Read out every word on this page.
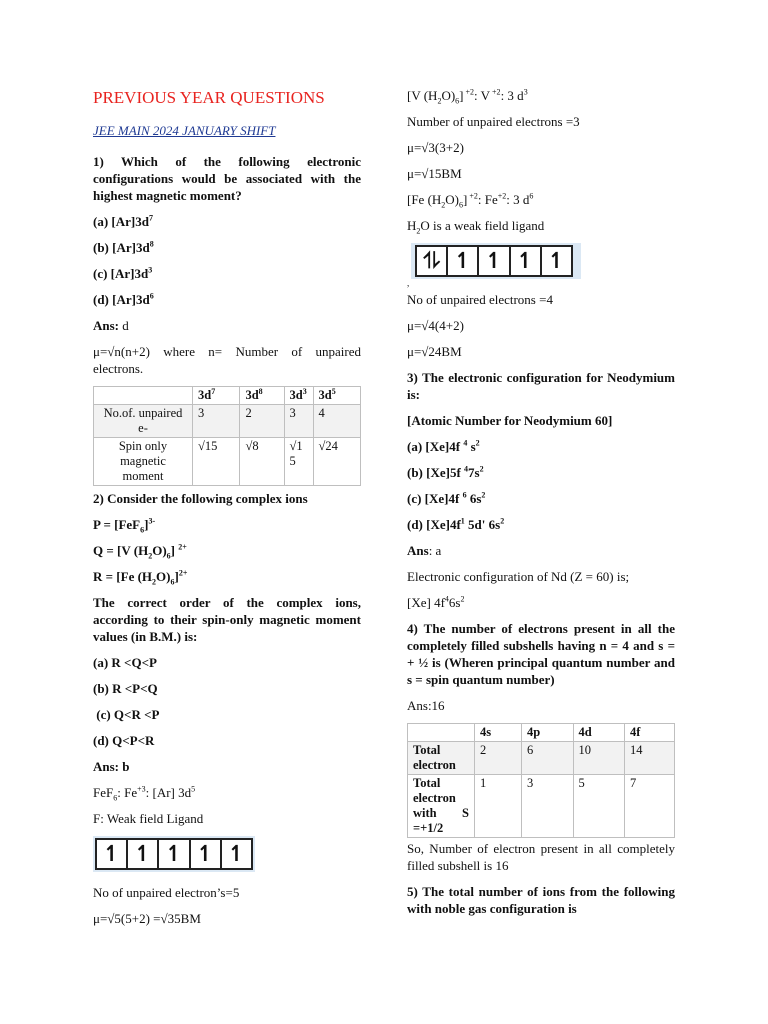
PREVIOUS YEAR QUESTIONS
JEE MAIN 2024 JANUARY SHIFT

1) Which of the following electronic configurations would be associated with the highest magnetic moment?

(a) $[Ar]3d^7$

(b) $[Ar]3d^8$

(c) $[Ar]3d^3$

(d) $[Ar]3d^6$

Ans: d

μ=√n(n+2) where n= Number of unpaired electrons.

	$3d^7$	$3d^8$	$3d^3$	$3d^5$
No.of. unpaired e-	3	2	3	4
Spin only magnetic moment	√15	√8	√15	√24

2) Consider the following complex ions

$P = [FeF_6]^{3-}$

Q = [V $(H_2O)_6$] $^{2+}$

R = [Fe $(H_2O)_6]^{2+}$

The correct order of the complex ions, according to their spin-only magnetic moment values (in B.M.) is:

(a) R <Q<P

(b) R <P<Q

(c) Q<R <P

(d) Q<P<R

Ans: b

FeF$_6$: $Fe^{+3}$: [Ar] $3d^5$

F: Weak field Ligand

↿ ↿ ↿ ↿ ↿

No of unpaired electron’s=5

μ=√5(5+2) =√35BM

[V $(H_2O)_6$] $^{+2}$: V $^{+2}$: 3 $d^3$

Number of unpaired electrons =3

μ=√3(3+2)

μ=√15BM

[Fe $(H_2O)_6$] $^{+2}$: $Fe^{+2}$: 3 $d^6$

$H_2O$ is a weak field ligand

⥮ ↿ ↿ ↿ ↿
,

No of unpaired electrons =4

μ=√4(4+2)

μ=√24BM

3) The electronic configuration for Neodymium is:

[Atomic Number for Neodymium 60]

(a) [Xe]4f $^4$ $s^2$

(b) [Xe]5f $^47s^2$

(c) [Xe]4f $^6$ $6s^2$

(d) $[Xe]4f^1$ 5d' $6s^2$

Ans: a

Electronic configuration of Nd (Z = 60) is;

[Xe] $4f^46s^2$

4) The number of electrons present in all the completely filled subshells having n = 4 and s = + ½ is (Wheren principal quantum number and s = spin quantum number)

Ans:16

	4s	4p	4d	4f
Total electron	2	6	10	14
Total electron with S =+1/2	1	3	5	7

So, Number of electron present in all completely filled subshell is 16

5) The total number of ions from the following with noble gas configuration is
